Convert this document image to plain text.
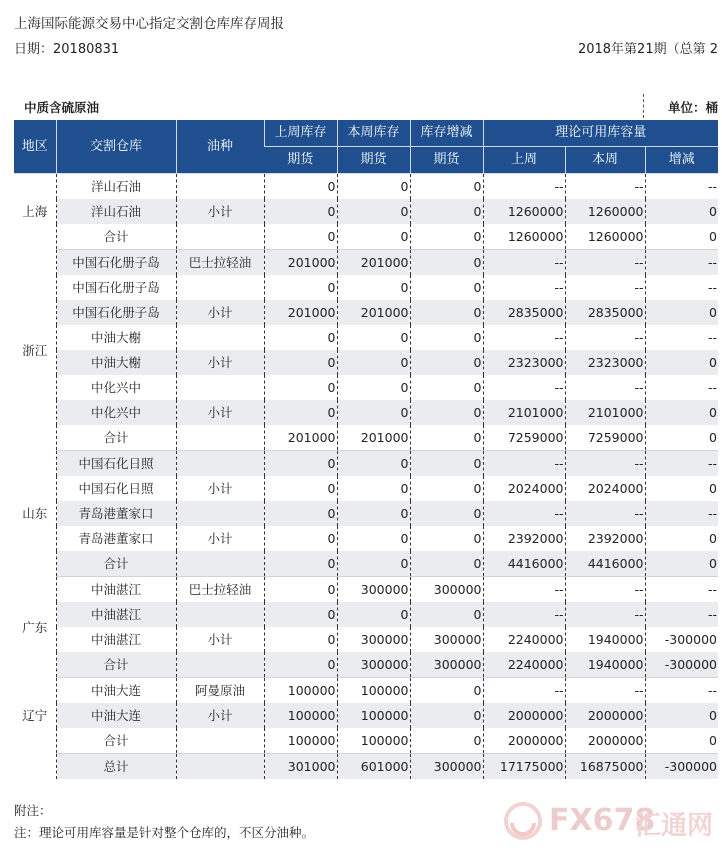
上海国际能源交易中心指定交割仓库库存周报
日期：20180831	2018年第21期（总第 2
中质含硫原油	单位：桶
地区	交割仓库	油种	上周库存	本周库存	库存增减	理论可用库容量		
			期货	期货	期货	上周	本周	增减
上海	洋山石油		0	0	0	--	--	--
	洋山石油	小计	0	0	0	1260000	1260000	0
	合计		0	0	0	1260000	1260000	0
浙江	中国石化册子岛	巴士拉轻油	201000	201000	0	--	--	--
	中国石化册子岛		0	0	0	--	--	--
	中国石化册子岛	小计	201000	201000	0	2835000	2835000	0
	中油大榭		0	0	0	--	--	--
	中油大榭	小计	0	0	0	2323000	2323000	0
	中化兴中		0	0	0	--	--	--
	中化兴中	小计	0	0	0	2101000	2101000	0
	合计		201000	201000	0	7259000	7259000	0
山东	中国石化日照		0	0	0	--	--	--
	中国石化日照	小计	0	0	0	2024000	2024000	0
	青岛港董家口		0	0	0	--	--	--
	青岛港董家口	小计	0	0	0	2392000	2392000	0
	合计		0	0	0	4416000	4416000	0
广东	中油湛江	巴士拉轻油	0	300000	300000	--	--	--
	中油湛江		0	0	0	--	--	--
	中油湛江	小计	0	300000	300000	2240000	1940000	-300000
	合计		0	300000	300000	2240000	1940000	-300000
辽宁	中油大连	阿曼原油	100000	100000	0	--	--	--
	中油大连	小计	100000	100000	0	2000000	2000000	0
	合计		100000	100000	0	2000000	2000000	0
	总计		301000	601000	300000	17175000	16875000	-300000
附注：
注：理论可用库容量是针对整个仓库的，不区分油种。	FX678
汇通网
